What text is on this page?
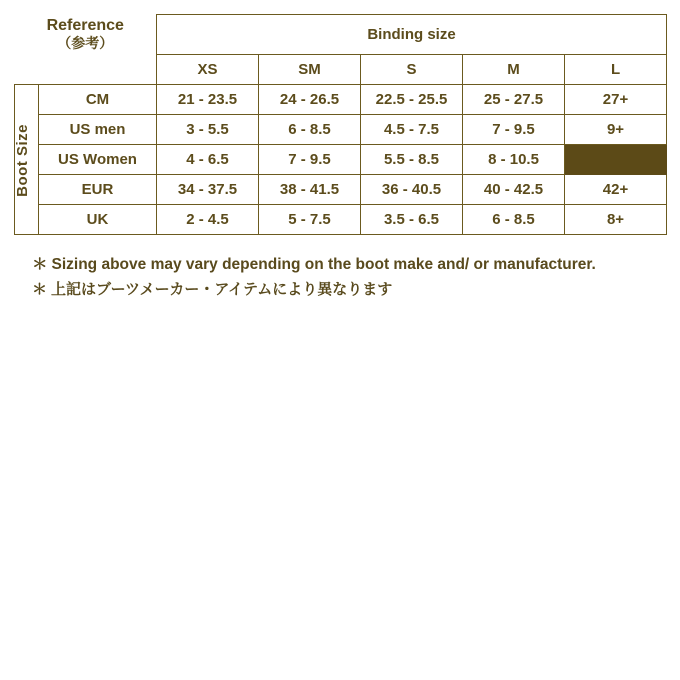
Reference
（参考）		Binding size				
		XS	SM	S	M	L

Boot Size	CM	21 - 23.5	24 - 26.5	22.5 - 25.5	25 - 27.5	27+
	US men	3 - 5.5	6 - 8.5	4.5 - 7.5	7 - 9.5	9+
	US Women	4 - 6.5	7 - 9.5	5.5 - 8.5	8 - 10.5	
	EUR	34 - 37.5	38 - 41.5	36 - 40.5	40 - 42.5	42+
	UK	2 - 4.5	5 - 7.5	3.5 - 6.5	6 - 8.5	8+
＊ Sizing above may vary depending on the boot make and/ or manufacturer.
＊ 上記はブーツメーカー・アイテムにより異なります
